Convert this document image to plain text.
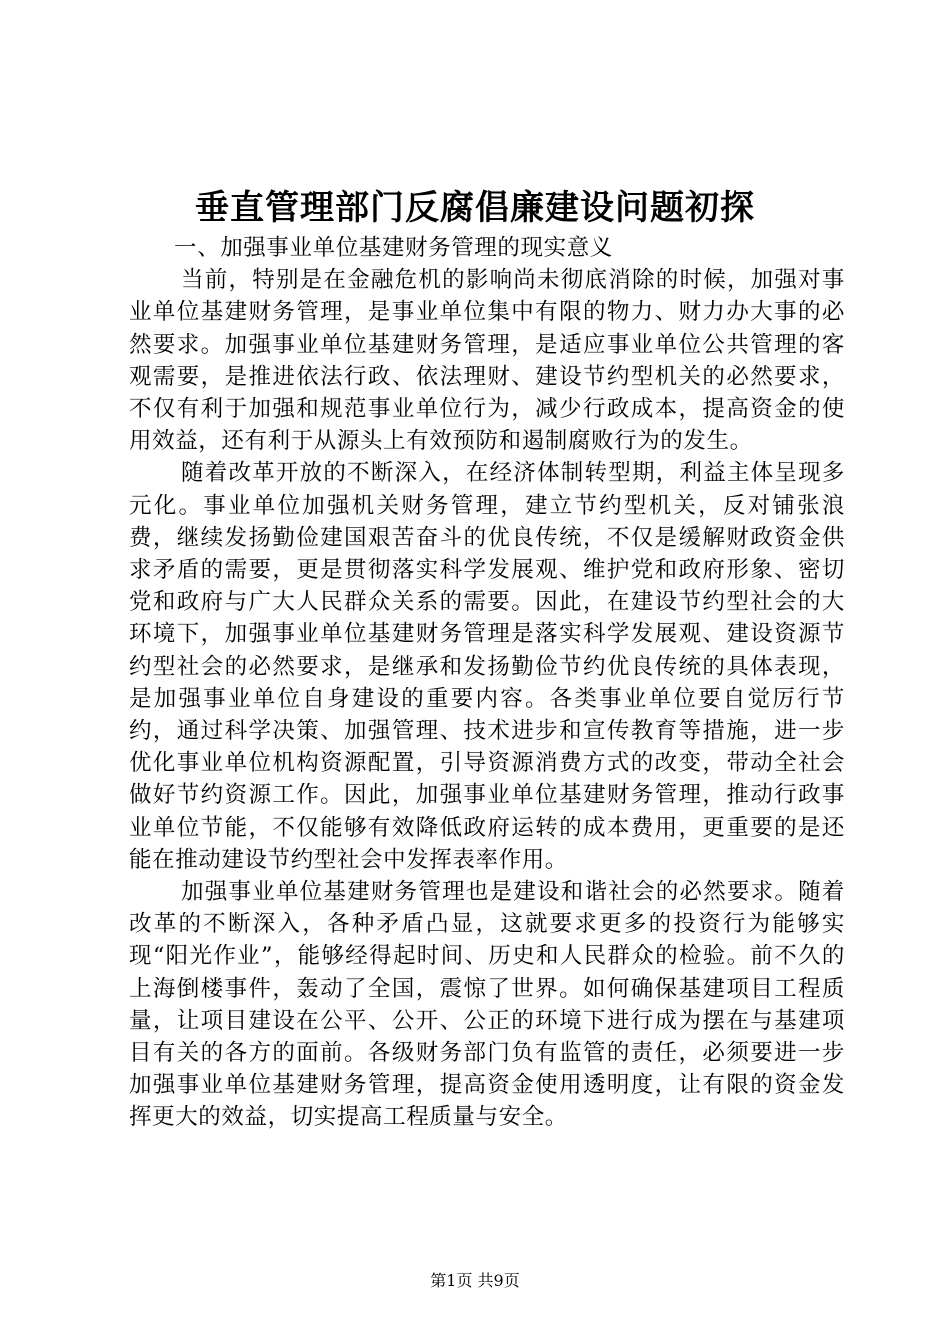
垂直管理部门反腐倡廉建设问题初探
一、加强事业单位基建财务管理的现实意义

当前，特别是在金融危机的影响尚未彻底消除的时候，加强对事业单位基建财务管理，是事业单位集中有限的物力、财力办大事的必然要求。加强事业单位基建财务管理，是适应事业单位公共管理的客观需要，是推进依法行政、依法理财、建设节约型机关的必然要求，不仅有利于加强和规范事业单位行为，减少行政成本，提高资金的使用效益，还有利于从源头上有效预防和遏制腐败行为的发生。

随着改革开放的不断深入，在经济体制转型期，利益主体呈现多元化。事业单位加强机关财务管理，建立节约型机关，反对铺张浪费，继续发扬勤俭建国艰苦奋斗的优良传统，不仅是缓解财政资金供求矛盾的需要，更是贯彻落实科学发展观、维护党和政府形象、密切党和政府与广大人民群众关系的需要。因此，在建设节约型社会的大环境下，加强事业单位基建财务管理是落实科学发展观、建设资源节约型社会的必然要求，是继承和发扬勤俭节约优良传统的具体表现，是加强事业单位自身建设的重要内容。各类事业单位要自觉厉行节约，通过科学决策、加强管理、技术进步和宣传教育等措施，进一步优化事业单位机构资源配置，引导资源消费方式的改变，带动全社会做好节约资源工作。因此，加强事业单位基建财务管理，推动行政事业单位节能，不仅能够有效降低政府运转的成本费用，更重要的是还能在推动建设节约型社会中发挥表率作用。

加强事业单位基建财务管理也是建设和谐社会的必然要求。随着改革的不断深入，各种矛盾凸显，这就要求更多的投资行为能够实现“阳光作业”，能够经得起时间、历史和人民群众的检验。前不久的上海倒楼事件，轰动了全国，震惊了世界。如何确保基建项目工程质量，让项目建设在公平、公开、公正的环境下进行成为摆在与基建项目有关的各方的面前。各级财务部门负有监管的责任，必须要进一步加强事业单位基建财务管理，提高资金使用透明度，让有限的资金发挥更大的效益，切实提高工程质量与安全。

第1页 共9页
